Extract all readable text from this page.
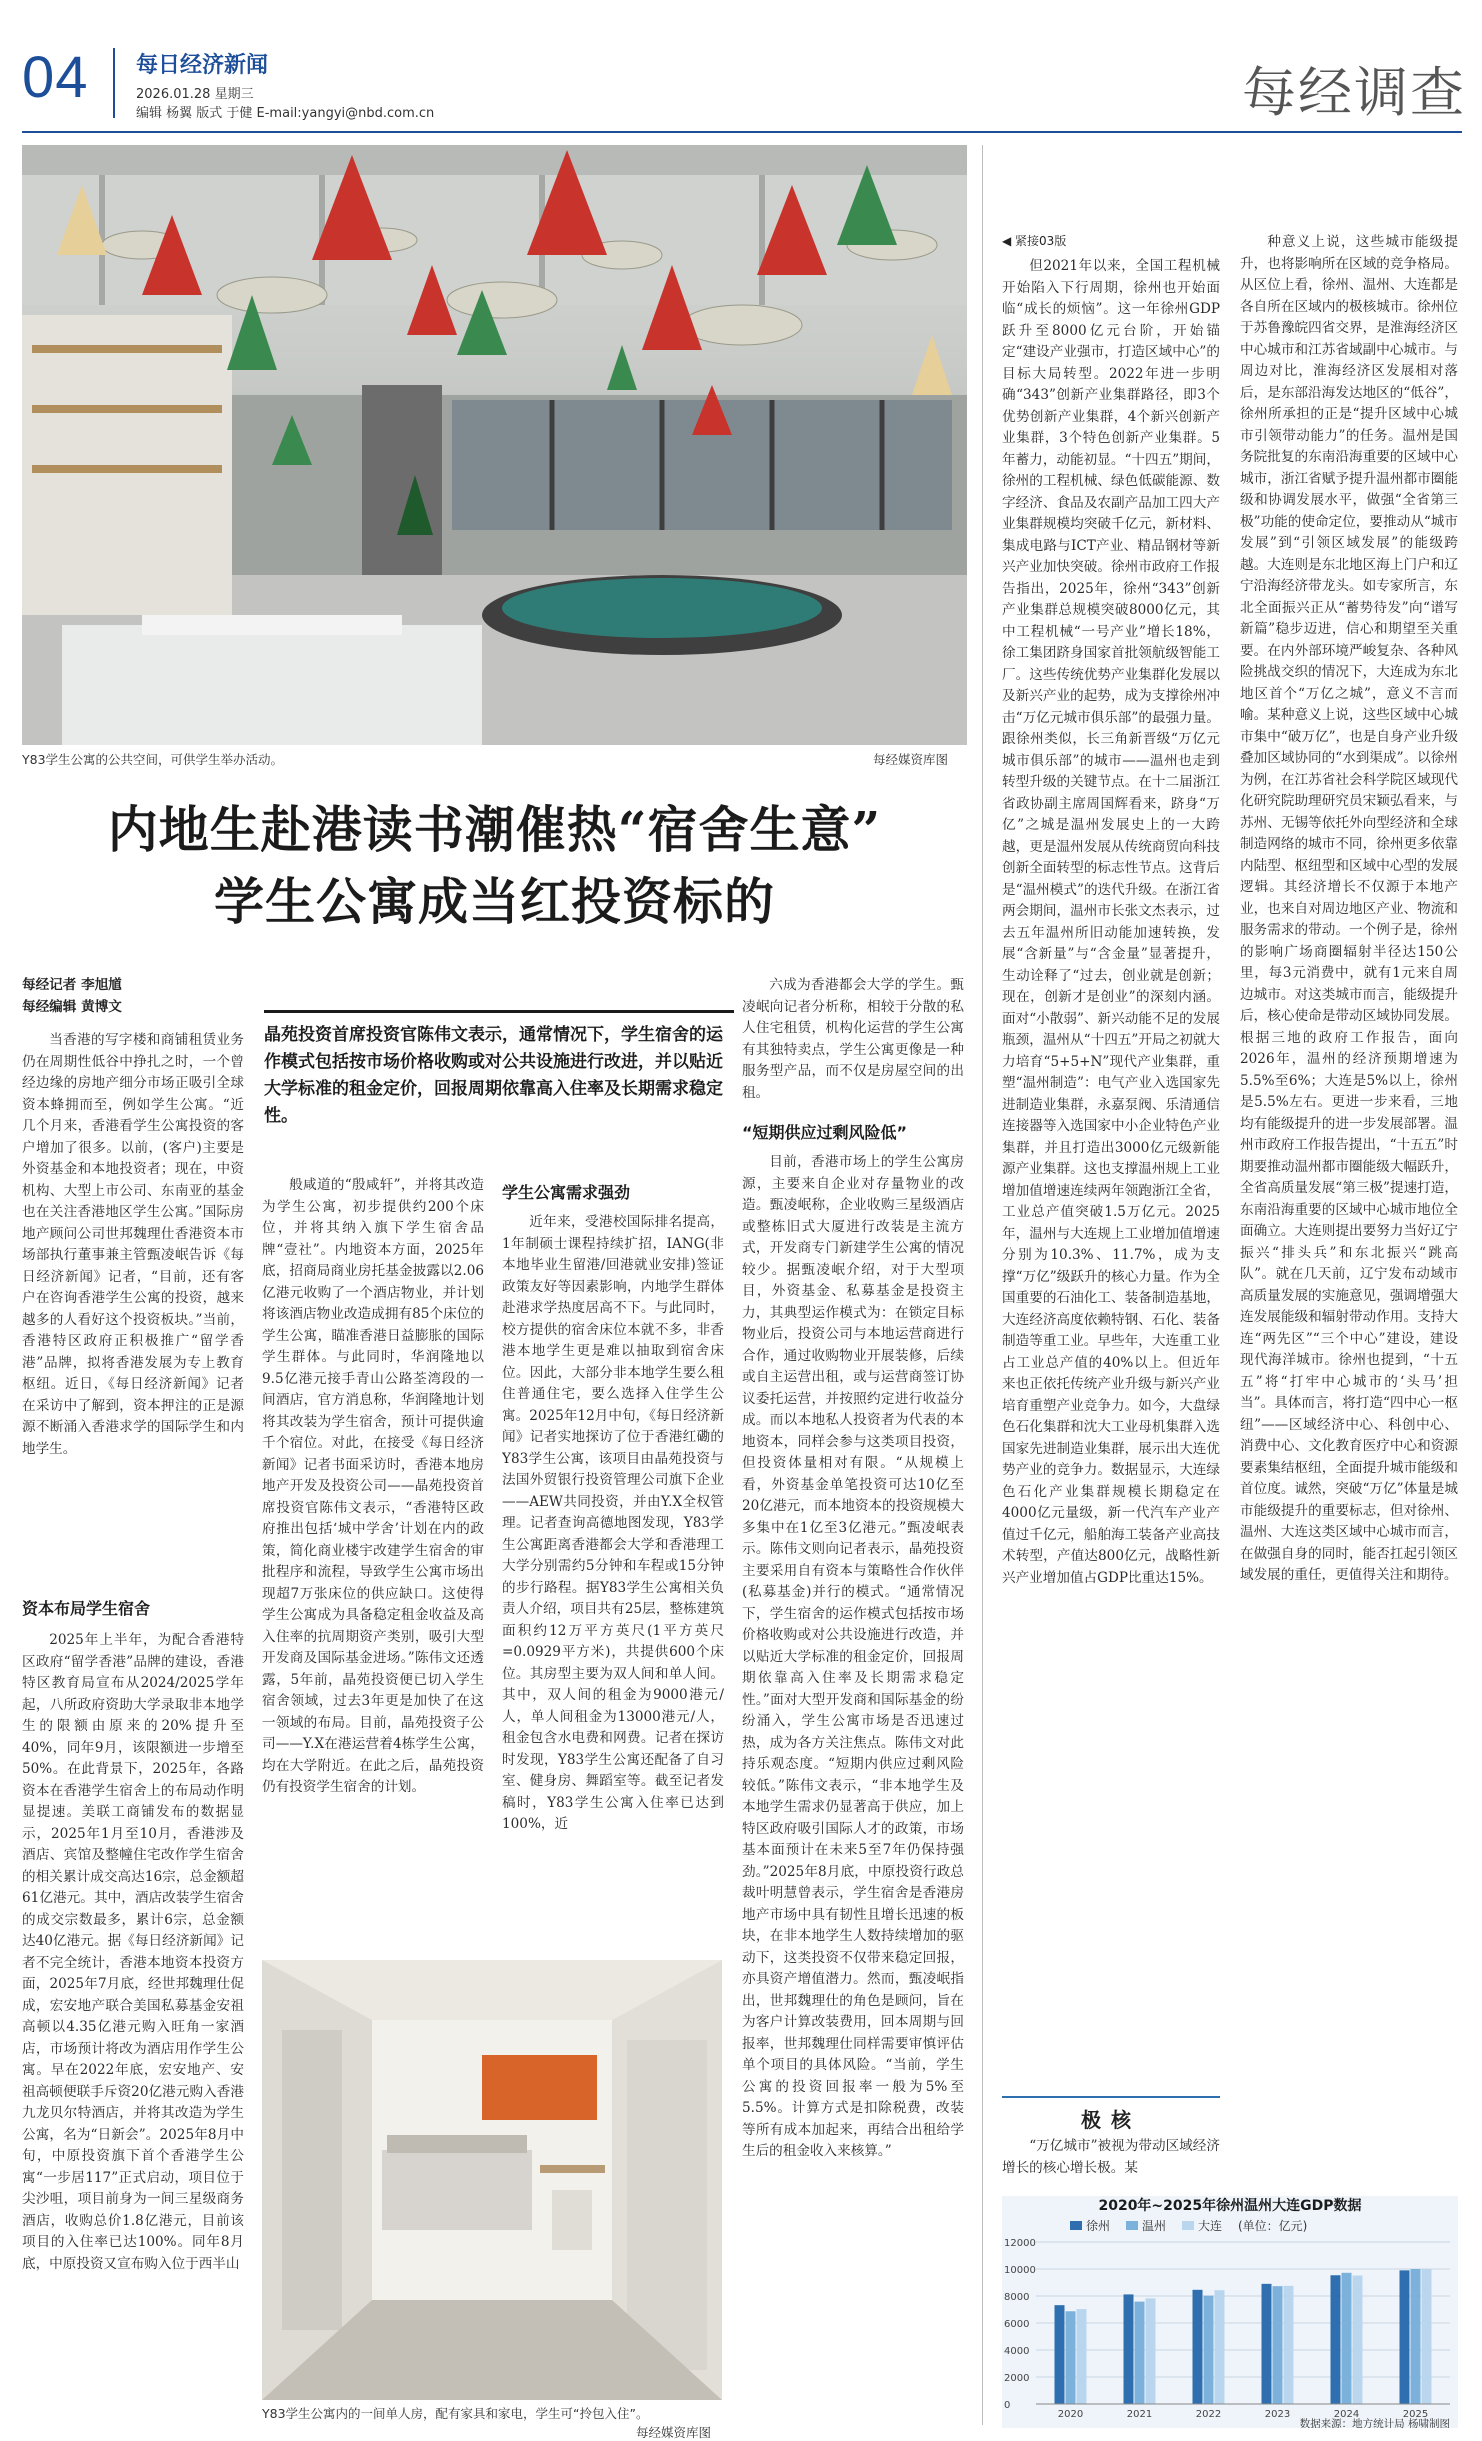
04 每日经济新闻
2026.01.28 星期三
编辑 杨翼 版式 于健 E-mail:yangyi@nbd.com.cn	每经调查
Y83学生公寓的公共空间，可供学生举办活动。	每经媒资库图
内地生赴港读书潮催热“宿舍生意”
学生公寓成当红投资标的
每经记者 李旭馗
每经编辑 黄博文
晶苑投资首席投资官陈伟文表示，通常情况下，学生宿舍的运作模式包括按市场价格收购或对公共设施进行改进，并以贴近大学标准的租金定价，回报周期依靠高入住率及长期需求稳定性。

当香港的写字楼和商铺租赁业务仍在周期性低谷中挣扎之时，一个曾经边缘的房地产细分市场正吸引全球资本蜂拥而至，例如学生公寓。“近几个月来，香港看学生公寓投资的客户增加了很多。以前，(客户)主要是外资基金和本地投资者；现在，中资机构、大型上市公司、东南亚的基金也在关注香港地区学生公寓。”国际房地产顾问公司世邦魏理仕香港资本市场部执行董事兼主管甄凌岷告诉《每日经济新闻》记者，“目前，还有客户在咨询香港学生公寓的投资，越来越多的人看好这个投资板块。”当前，香港特区政府正积极推广“留学香港”品牌，拟将香港发展为专上教育枢纽。近日，《每日经济新闻》记者在采访中了解到，资本押注的正是源源不断涌入香港求学的国际学生和内地学生。

资本布局学生宿舍

2025年上半年，为配合香港特区政府“留学香港”品牌的建设，香港特区教育局宣布从2024/2025学年起，八所政府资助大学录取非本地学生的限额由原来的20%提升至40%，同年9月，该限额进一步增至50%。在此背景下，2025年，各路资本在香港学生宿舍上的布局动作明显提速。美联工商铺发布的数据显示，2025年1月至10月，香港涉及酒店、宾馆及整幢住宅改作学生宿舍的相关累计成交高达16宗，总金额超61亿港元。其中，酒店改装学生宿舍的成交宗数最多，累计6宗，总金额达40亿港元。据《每日经济新闻》记者不完全统计，香港本地资本投资方面，2025年7月底，经世邦魏理仕促成，宏安地产联合美国私募基金安祖高顿以4.35亿港元购入旺角一家酒店，市场预计将改为酒店用作学生公寓。早在2022年底，宏安地产、安祖高顿便联手斥资20亿港元购入香港九龙贝尔特酒店，并将其改造为学生公寓，名为“日新会”。2025年8月中旬，中原投资旗下首个香港学生公寓“一步居117”正式启动，项目位于尖沙咀，项目前身为一间三星级商务酒店，收购总价1.8亿港元，目前该项目的入住率已达100%。同年8月底，中原投资又宣布购入位于西半山

般咸道的“殷咸轩”，并将其改造为学生公寓，初步提供约200个床位，并将其纳入旗下学生宿舍品牌“壹社”。内地资本方面，2025年底，招商局商业房托基金披露以2.06亿港元收购了一个酒店物业，并计划将该酒店物业改造成拥有85个床位的学生公寓，瞄准香港日益膨胀的国际学生群体。与此同时，华润隆地以9.5亿港元接手青山公路荃湾段的一间酒店，官方消息称，华润隆地计划将其改装为学生宿舍，预计可提供逾千个宿位。对此，在接受《每日经济新闻》记者书面采访时，香港本地房地产开发及投资公司——晶苑投资首席投资官陈伟文表示，“香港特区政府推出包括‘城中学舍’计划在内的政策，简化商业楼宇改建学生宿舍的审批程序和流程，导致学生公寓市场出现超7万张床位的供应缺口。这使得学生公寓成为具备稳定租金收益及高入住率的抗周期资产类别，吸引大型开发商及国际基金进场。”陈伟文还透露，5年前，晶苑投资便已切入学生宿舍领域，过去3年更是加快了在这一领域的布局。目前，晶苑投资子公司——Y.X在港运营着4栋学生公寓，均在大学附近。在此之后，晶苑投资仍有投资学生宿舍的计划。

学生公寓需求强劲

近年来，受港校国际排名提高，1年制硕士课程持续扩招，IANG(非本地毕业生留港/回港就业安排)签证政策友好等因素影响，内地学生群体赴港求学热度居高不下。与此同时，校方提供的宿舍床位本就不多，非香港本地学生更是难以抽取到宿舍床位。因此，大部分非本地学生要么租住普通住宅，要么选择入住学生公寓。2025年12月中旬，《每日经济新闻》记者实地探访了位于香港红磡的Y83学生公寓，该项目由晶苑投资与法国外贸银行投资管理公司旗下企业——AEW共同投资，并由Y.X全权管理。记者查询高德地图发现，Y83学生公寓距离香港都会大学和香港理工大学分别需约5分钟和车程或15分钟的步行路程。据Y83学生公寓相关负责人介绍，项目共有25层，整栋建筑面积约12万平方英尺(1平方英尺=0.0929平方米)，共提供600个床位。其房型主要为双人间和单人间。其中，双人间的租金为9000港元/人，单人间租金为13000港元/人，租金包含水电费和网费。记者在探访时发现，Y83学生公寓还配备了自习室、健身房、舞蹈室等。截至记者发稿时，Y83学生公寓入住率已达到100%，近

六成为香港都会大学的学生。甄凌岷向记者分析称，相较于分散的私人住宅租赁，机构化运营的学生公寓有其独特卖点，学生公寓更像是一种服务型产品，而不仅是房屋空间的出租。

“短期供应过剩风险低”

目前，香港市场上的学生公寓房源，主要来自企业对存量物业的改造。甄凌岷称，企业收购三星级酒店或整栋旧式大厦进行改装是主流方式，开发商专门新建学生公寓的情况较少。据甄凌岷介绍，对于大型项目，外资基金、私募基金是投资主力，其典型运作模式为：在锁定目标物业后，投资公司与本地运营商进行合作，通过收购物业开展装修，后续或自主运营出租，或与运营商签订协议委托运营，并按照约定进行收益分成。而以本地私人投资者为代表的本地资本，同样会参与这类项目投资，但投资体量相对有限。“从规模上看，外资基金单笔投资可达10亿至20亿港元，而本地资本的投资规模大多集中在1亿至3亿港元。”甄凌岷表示。陈伟文则向记者表示，晶苑投资主要采用自有资本与策略性合作伙伴(私募基金)并行的模式。“通常情况下，学生宿舍的运作模式包括按市场价格收购或对公共设施进行改造，并以贴近大学标准的租金定价，回报周期依靠高入住率及长期需求稳定性。”面对大型开发商和国际基金的纷纷涌入，学生公寓市场是否迅速过热，成为各方关注焦点。陈伟文对此持乐观态度。“短期内供应过剩风险较低。”陈伟文表示，“非本地学生及本地学生需求仍显著高于供应，加上特区政府吸引国际人才的政策，市场基本面预计在未来5至7年仍保持强劲。”2025年8月底，中原投资行政总裁叶明慧曾表示，学生宿舍是香港房地产市场中具有韧性且增长迅速的板块，在非本地学生人数持续增加的驱动下，这类投资不仅带来稳定回报，亦具资产增值潜力。然而，甄凌岷指出，世邦魏理仕的角色是顾问，旨在为客户计算改装费用，回本周期与回报率，世邦魏理仕同样需要审慎评估单个项目的具体风险。“当前，学生公寓的投资回报率一般为5%至5.5%。计算方式是扣除税费，改装等所有成本加起来，再结合出租给学生后的租金收入来核算。”

Y83学生公寓内的一间单人房，配有家具和家电，学生可“拎包入住”。
每经媒资库图
◀ 紧接03版

但2021年以来，全国工程机械开始陷入下行周期，徐州也开始面临“成长的烦恼”。这一年徐州GDP跃升至8000亿元台阶，开始锚定“建设产业强市，打造区域中心”的目标大局转型。2022年进一步明确“343”创新产业集群路径，即3个优势创新产业集群，4个新兴创新产业集群，3个特色创新产业集群。5年蓄力，动能初显。“十四五”期间，徐州的工程机械、绿色低碳能源、数字经济、食品及农副产品加工四大产业集群规模均突破千亿元，新材料、集成电路与ICT产业、精品钢材等新兴产业加快突破。徐州市政府工作报告指出，2025年，徐州“343”创新产业集群总规模突破8000亿元，其中工程机械“一号产业”增长18%，徐工集团跻身国家首批领航级智能工厂。这些传统优势产业集群化发展以及新兴产业的起势，成为支撑徐州冲击“万亿元城市俱乐部”的最强力量。跟徐州类似，长三角新晋级“万亿元城市俱乐部”的城市——温州也走到转型升级的关键节点。在十二届浙江省政协副主席周国辉看来，跻身“万亿”之城是温州发展史上的一大跨越，更是温州发展从传统商贸向科技创新全面转型的标志性节点。这背后是“温州模式”的迭代升级。在浙江省两会期间，温州市长张文杰表示，过去五年温州所旧动能加速转换，发展“含新量”与“含金量”显著提升，生动诠释了“过去，创业就是创新；现在，创新才是创业”的深刻内涵。面对“小散弱”、新兴动能不足的发展瓶颈，温州从“十四五”开局之初就大力培育“5+5+N”现代产业集群，重塑“温州制造”：电气产业入选国家先进制造业集群，永嘉泵阀、乐清通信连接器等入选国家中小企业特色产业集群，并且打造出3000亿元级新能源产业集群。这也支撑温州规上工业增加值增速连续两年领跑浙江全省，工业总产值突破1.5万亿元。2025年，温州与大连规上工业增加值增速分别为10.3%、11.7%，成为支撑“万亿”级跃升的核心力量。作为全国重要的石油化工、装备制造基地，大连经济高度依赖特钢、石化、装备制造等重工业。早些年，大连重工业占工业总产值的40%以上。但近年来也正依托传统产业升级与新兴产业培育重塑产业竞争力。如今，大盘绿色石化集群和沈大工业母机集群入选国家先进制造业集群，展示出大连优势产业的竞争力。数据显示，大连绿色石化产业集群规模长期稳定在4000亿元量级，新一代汽车产业产值过千亿元，船舶海工装备产业高技术转型，产值达800亿元，战略性新兴产业增加值占GDP比重达15%。

种意义上说，这些城市能级提升，也将影响所在区域的竞争格局。从区位上看，徐州、温州、大连都是各自所在区域内的极核城市。徐州位于苏鲁豫皖四省交界，是淮海经济区中心城市和江苏省域副中心城市。与周边对比，淮海经济区发展相对落后，是东部沿海发达地区的“低谷”，徐州所承担的正是“提升区域中心城市引领带动能力”的任务。温州是国务院批复的东南沿海重要的区域中心城市，浙江省赋予提升温州都市圈能级和协调发展水平，做强“全省第三极”功能的使命定位，要推动从“城市发展”到“引领区域发展”的能级跨越。大连则是东北地区海上门户和辽宁沿海经济带龙头。如专家所言，东北全面振兴正从“蓄势待发”向“谱写新篇”稳步迈进，信心和期望至关重要。在内外部环境严峻复杂、各种风险挑战交织的情况下，大连成为东北地区首个“万亿之城”，意义不言而喻。某种意义上说，这些区域中心城市集中“破万亿”，也是自身产业升级叠加区域协同的“水到渠成”。以徐州为例，在江苏省社会科学院区域现代化研究院助理研究员宋颖弘看来，与苏州、无锡等依托外向型经济和全球制造网络的城市不同，徐州更多依靠内陆型、枢纽型和区域中心型的发展逻辑。其经济增长不仅源于本地产业，也来自对周边地区产业、物流和服务需求的带动。一个例子是，徐州的影响广场商圈辐射半径达150公里，每3元消费中，就有1元来自周边城市。对这类城市而言，能级提升后，核心使命是带动区域协同发展。根据三地的政府工作报告，面向2026年，温州的经济预期增速为5.5%至6%；大连是5%以上，徐州是5.5%左右。更进一步来看，三地均有能级提升的进一步发展部署。温州市政府工作报告提出，“十五五”时期要推动温州都市圈能级大幅跃升，全省高质量发展“第三极”提速打造，东南沿海重要的区域中心城市地位全面确立。大连则提出要努力当好辽宁振兴“排头兵”和东北振兴“跳高队”。就在几天前，辽宁发布动域市高质量发展的实施意见，强调增强大连发展能级和辐射带动作用。支持大连“两先区”“三个中心”建设，建设现代海洋城市。徐州也提到，“十五五”将“打牢中心城市的‘头马’担当”。具体而言，将打造“四中心一枢纽”——区域经济中心、科创中心、消费中心、文化教育医疗中心和资源要素集结枢纽，全面提升城市能级和首位度。诚然，突破“万亿”体量是城市能级提升的重要标志，但对徐州、温州、大连这类区域中心城市而言，在做强自身的同时，能否扛起引领区域发展的重任，更值得关注和期待。

极核

“万亿城市”被视为带动区域经济增长的核心增长极。某

2020年~2025年徐州温州大连GDP数据
徐州	温州	大连 (单位：亿元)
0
2000
4000
6000
8000
10000
12000
2020	2021	2022	2023	2024	2025
数据来源：地方统计局 杨啸制图
